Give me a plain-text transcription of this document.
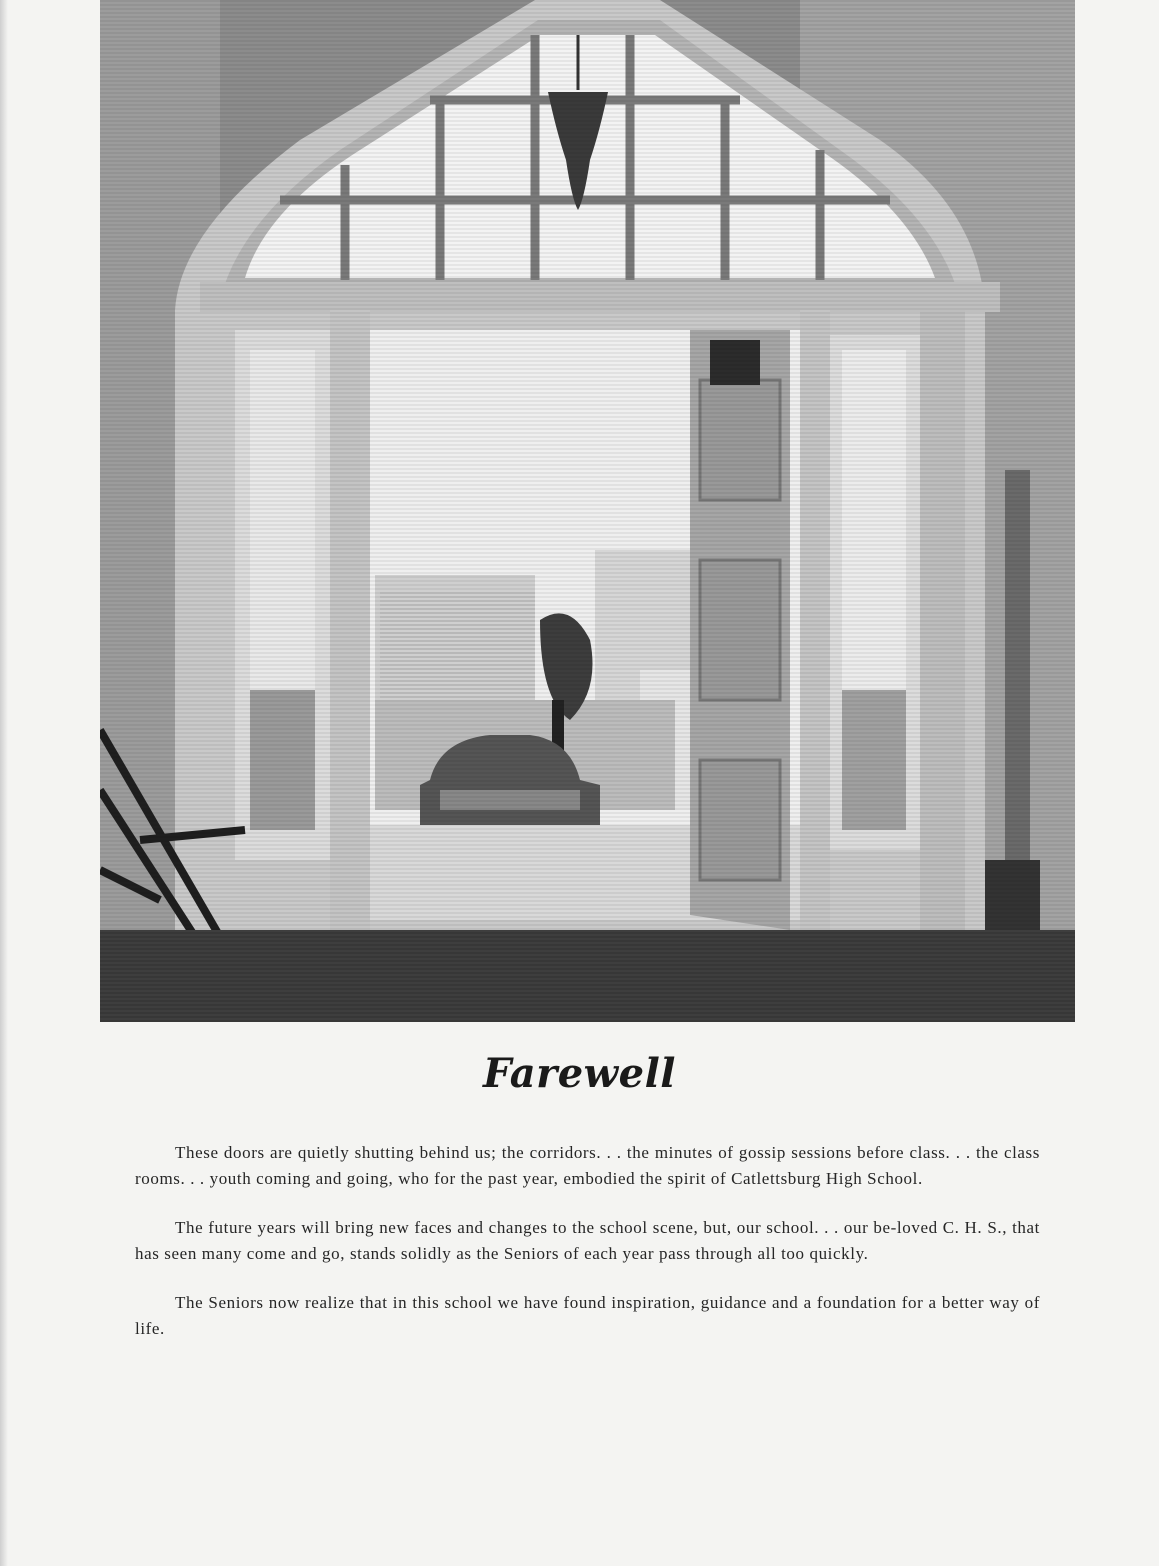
Farewell

These doors are quietly shutting behind us; the corridors. . . the minutes of gossip sessions before class. . . the class rooms. . . youth coming and going, who for the past year, embodied the spirit of Catlettsburg High School.

The future years will bring new faces and changes to the school scene, but, our school. . . our be-loved C. H. S., that has seen many come and go, stands solidly as the Seniors of each year pass through all too quickly.

The Seniors now realize that in this school we have found inspiration, guidance and a foundation for a better way of life.
